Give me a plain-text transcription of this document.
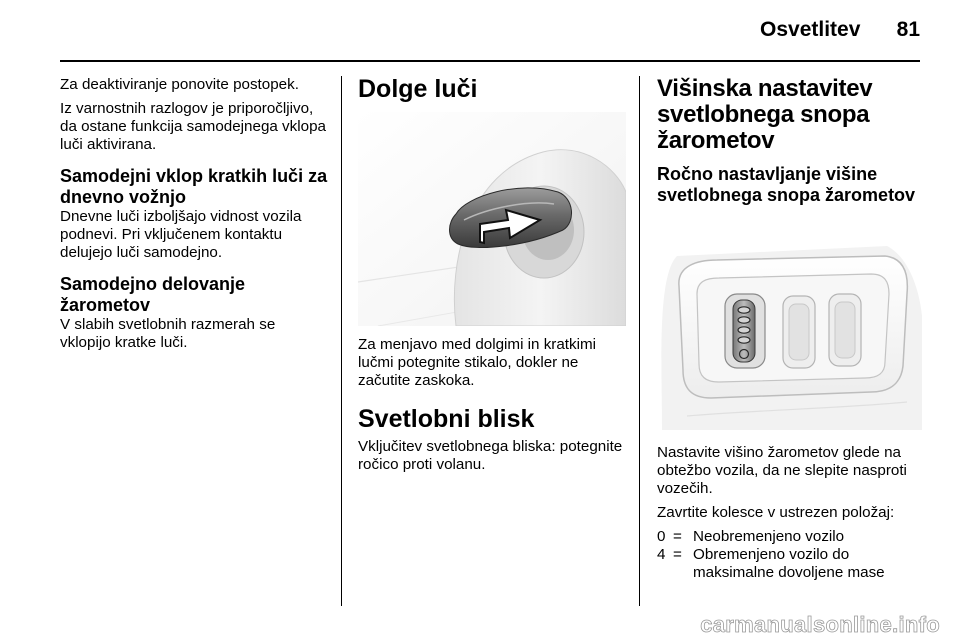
Osvetlitev	81
Za deaktiviranje ponovite postopek.
Iz varnostnih razlogov je priporočljivo, da ostane funkcija samodejnega vklopa luči aktivirana.
Samodejni vklop kratkih luči za dnevno vožnjo
Dnevne luči izboljšajo vidnost vozila podnevi. Pri vključenem kontaktu delujejo luči samodejno.
Samodejno delovanje žarometov
V slabih svetlobnih razmerah se vklopijo kratke luči.
Dolge luči
Za menjavo med dolgimi in kratkimi lučmi potegnite stikalo, dokler ne začutite zaskoka.
Svetlobni blisk
Vključitev svetlobnega bliska: potegnite ročico proti volanu.
Višinska nastavitev svetlobnega snopa žarometov
Ročno nastavljanje višine svetlobnega snopa žarometov
Nastavite višino žarometov glede na obtežbo vozila, da ne slepite nasproti vozečih.
Zavrtite kolesce v ustrezen položaj:
0 = Neobremenjeno vozilo
4 = Obremenjeno vozilo do maksimalne dovoljene mase
carmanualsonline.info
